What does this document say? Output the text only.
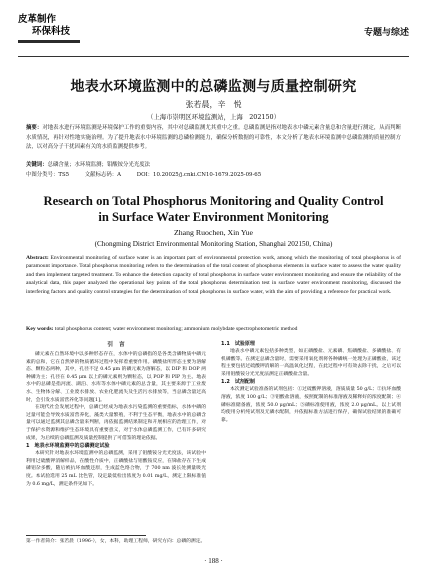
皮革制作
环保科技	专题与综述
地表水环境监测中的总磷监测与质量控制研究
张若晨，辛　悦
（上海市崇明区环境监测站，上海　202150）
摘要：对地表水进行环境监测是环境保护工作的重要内容，其中对总磷监测尤其重中之重。总磷监测是指对地表水中磷元素含量总和含量进行测定，从而判断水质情况，再针对性地实施治理。为了提升地表水中环境监测的总磷检测能力，确保分析数据的可靠性，本文分析了地表水环境监测中总磷监测的质量控制方法，以对高分子干扰因素有关的水质监测提供参考。
关键词：总磷含量；水环境监测；钼酸铵分光光度法
中图分类号：TS5	文献标志码：A	DOI：10.20025/j.cnki.CN10-1679.2025-09-65
Research on Total Phosphorus Monitoring and Quality Control
in Surface Water Environment Monitoring
Zhang Ruochen, Xin Yue
(Chongming District Environmental Monitoring Station, Shanghai 202150, China)
Abstract: Environmental monitoring of surface water is an important part of environmental protection work, among which the monitoring of total phosphorus is of paramount importance. Total phosphorus monitoring refers to the determination of the total content of phosphorus elements in surface water to assess the water quality and then implement targeted treatment. To enhance the detection capacity of total phosphorus in surface water environment monitoring and ensure the reliability of the analytical data, this paper analyzed the operational key points of the total phosphorus determination test in surface water environment monitoring, discussed the interfering factors and quality control strategies for the determination of total phosphorus in surface water, with the aim of providing a reference for practical work.
Key words: total phosphorus content; water environment monitoring; ammonium molybdate spectrophotometric method
引　言

磷元素在自然环境中以多种形态存在，水体中的总磷指的是各类含磷物质中磷元素的总和，它在自然界的物质循环过程中发挥着重要作用。磷酸盐所形态主要为溶解态、颗粒态两种，其中，孔径不足 0.45 μm 的磷元素为溶解态，以 DIP 和 DOP 两种磷为主；孔径在 0.45 μm 以上的磷元素则为颗粒态，以 POP 和 PIP 为主。地表水中的总磷是指河流、湖泊、水库等水体中磷元素的总含量，其主要来源于工业废水、生物体分解、工业废水排放、农业化肥流失及生活污水排放等，当总磷含量过高时，会引发水质富营养化等问题[1]。

在现代社会发展过程中，总磷已经成为地表水污染监测的重要指标，水体中磷的过量可能会导致水质富营养化，藻类大量繁殖，不利于生态平衡，地表水中的总磷含量可以通过监测其总磷含量来判断，再依据监测结果制定和开展相应的治理工作，对于保护水资源和维护生态环境具有重要意义，对于水体总磷监测工作，已有许多研究成果，为后续的总磷监测及质量控制提供了可借鉴的理论依据。

1　地表水环境监测中的总磷测定试验

本研究针对地表水环境监测中的总磷监测，采用了钼酸铵分光光度法，该试验中利用过硫酸钾消解样品，在酸性介质中，正磷酸盐与钼酸铵反应，在锑盐存在下生成磷钼杂多酸，随后被抗坏血酸还原，生成蓝色络合物，于 700 nm 波长处测量吸光度。本试验选用 25 mL 比色管，设定最低检出浓度为 0.01 mg/L，测定上限标准值为 0.6 mg/L，测定条件见如下。

1.1　试验原理

地表水中磷元素包括多种类型，如正磷酸盐、元素磷、焦磷酸盐、多磷酸盐、有机磷酸等。在测定总磷含量时，需要采用氧化剂将各种磷统一处理为正磷酸盐，该过程主要包括过硫酸钾消解的一高温氧化过程，在此过程中可有效去除干扰，之后可以采用钼酸铵分光光度法测定正磷酸盐含量。

1.2　试剂配制

本次测定试验准备的试剂包括：①过硫酸钾溶液，溶质质量 50 g/L；②抗坏血酸溶液，浓度 100 g/L；③钼酸盐溶液，按照配制的标准溶液及稀释好的浓度配制；④磷标准储备液，浓度 50.0 μg/mL；⑤磷标准使用液，浓度 2.0 μg/mL。以上试剂均使用分析纯试剂及无磷水配制，并依据标准方法进行保存，确保试验结果的准确可靠。

第一作者简介：张若晨（1996-），女，本科，助理工程师，研究方向：总磷的测定。
· 188 ·
